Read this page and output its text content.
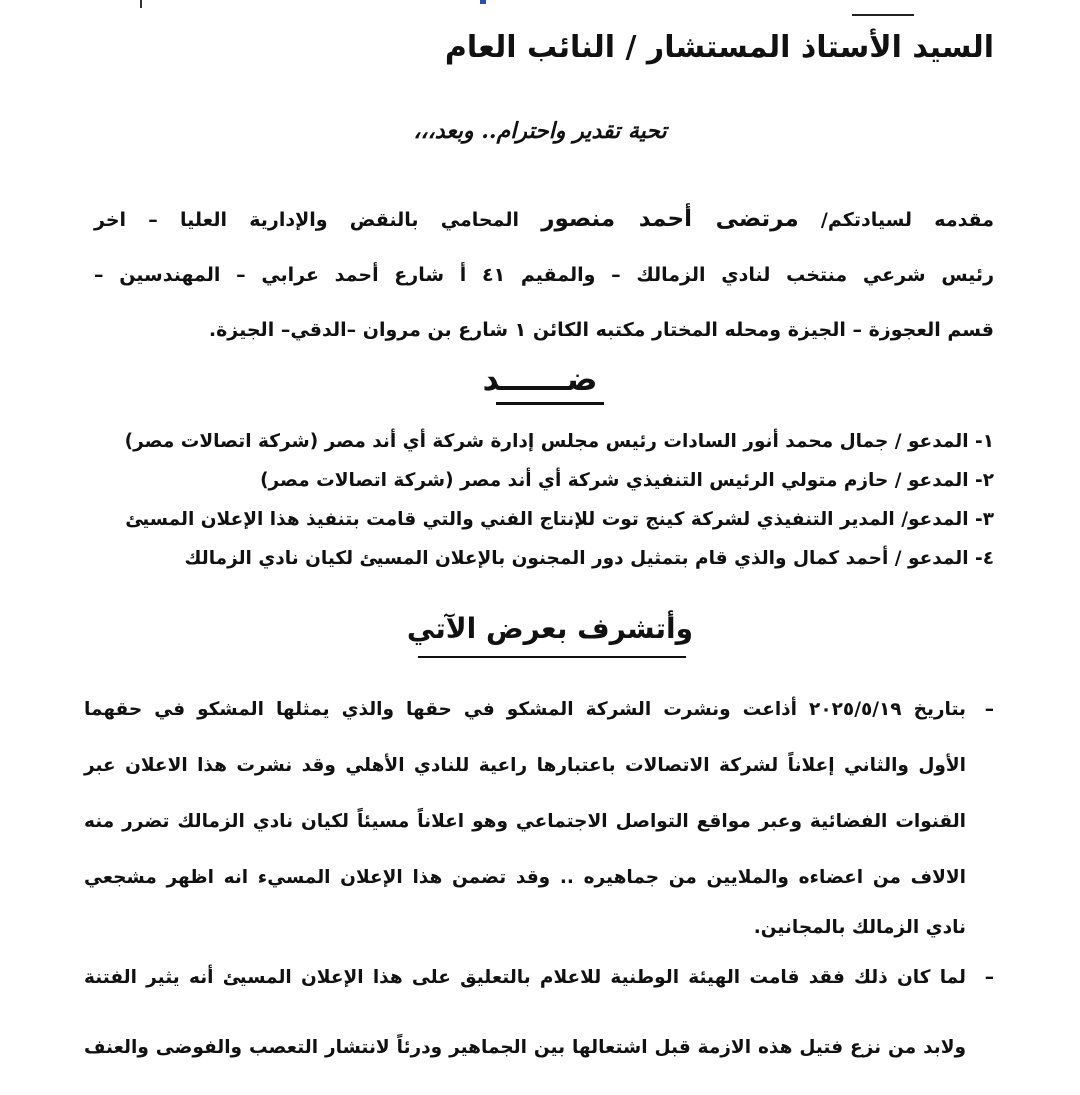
السيد الأستاذ المستشار / النائب العام
تحية تقدير واحترام.. وبعد،،،
مقدمه لسيادتكم/ مرتضى أحمد منصور المحامي بالنقض والإدارية العليا – اخر
رئيس شرعي منتخب لنادي الزمالك – والمقيم ٤١ أ شارع أحمد عرابي – المهندسين –
قسم العجوزة – الجيزة ومحله المختار مكتبه الكائن ١ شارع بن مروان –الدقي– الجيزة.
ضــــــد
١- المدعو / جمال محمد أنور السادات رئيس مجلس إدارة شركة أي أند مصر (شركة اتصالات مصر)
٢- المدعو / حازم متولي الرئيس التنفيذي شركة أي أند مصر (شركة اتصالات مصر)
٣- المدعو/ المدير التنفيذي لشركة كينج توت للإنتاج الفني والتي قامت بتنفيذ هذا الإعلان المسيئ
٤- المدعو / أحمد كمال والذي قام بتمثيل دور المجنون بالإعلان المسيئ لكيان نادي الزمالك
وأتشرف بعرض الآتي
–بتاريخ ٢٠٢٥/٥/١٩ أذاعت ونشرت الشركة المشكو في حقها والذي يمثلها المشكو في حقهما
الأول والثاني إعلاناً لشركة الاتصالات باعتبارها راعية للنادي الأهلي وقد نشرت هذا الاعلان عبر
القنوات الفضائية وعبر مواقع التواصل الاجتماعي وهو اعلاناً مسيئاً لكيان نادي الزمالك تضرر منه
الالاف من اعضاءه والملايين من جماهيره .. وقد تضمن هذا الإعلان المسيء انه اظهر مشجعي
نادي الزمالك بالمجانين.
–لما كان ذلك فقد قامت الهيئة الوطنية للاعلام بالتعليق على هذا الإعلان المسيئ أنه يثير الفتنة
ولابد من نزع فتيل هذه الازمة قبل اشتعالها بين الجماهير ودرئاً لانتشار التعصب والفوضى والعنف
